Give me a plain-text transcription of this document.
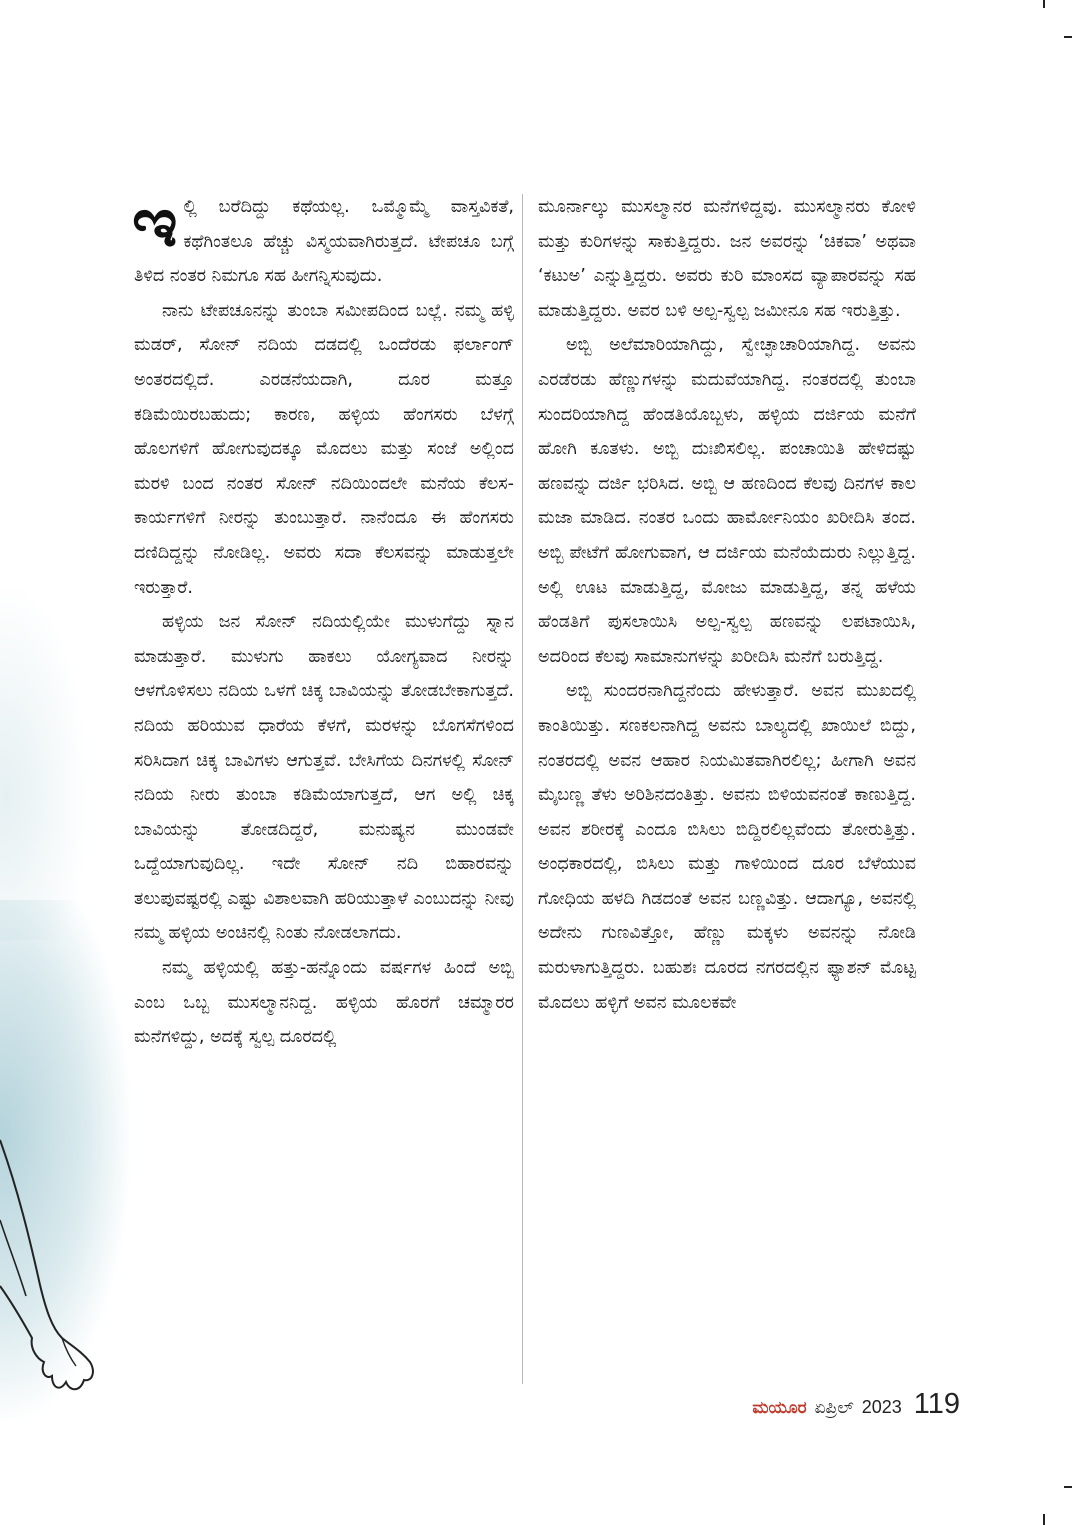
ಇಲ್ಲಿ ಬರೆದಿದ್ದು ಕಥೆಯಲ್ಲ. ಒಮ್ಮೊಮ್ಮೆ ವಾಸ್ತವಿಕತೆ, ಕಥೆಗಿಂತಲೂ ಹೆಚ್ಚು ವಿಸ್ಮಯವಾಗಿರುತ್ತದೆ. ಟೇಪಚೂ ಬಗ್ಗೆ ತಿಳಿದ ನಂತರ ನಿಮಗೂ ಸಹ ಹೀಗನ್ನಿಸುವುದು.

ನಾನು ಟೇಪಚೂನನ್ನು ತುಂಬಾ ಸಮೀಪದಿಂದ ಬಲ್ಲೆ. ನಮ್ಮ ಹಳ್ಳಿ ಮಡರ್, ಸೋನ್ ನದಿಯ ದಡದಲ್ಲಿ ಒಂದೆರಡು ಫರ್ಲಾಂಗ್ ಅಂತರದಲ್ಲಿದೆ. ಎರಡನೆಯದಾಗಿ, ದೂರ ಮತ್ತೂ ಕಡಿಮೆಯಿರಬಹುದು; ಕಾರಣ, ಹಳ್ಳಿಯ ಹೆಂಗಸರು ಬೆಳಗ್ಗೆ ಹೊಲಗಳಿಗೆ ಹೋಗುವುದಕ್ಕೂ ಮೊದಲು ಮತ್ತು ಸಂಜೆ ಅಲ್ಲಿಂದ ಮರಳಿ ಬಂದ ನಂತರ ಸೋನ್ ನದಿಯಿಂದಲೇ ಮನೆಯ ಕೆಲಸ-ಕಾರ್ಯಗಳಿಗೆ ನೀರನ್ನು ತುಂಬುತ್ತಾರೆ. ನಾನೆಂದೂ ಈ ಹೆಂಗಸರು ದಣಿದಿದ್ದನ್ನು ನೋಡಿಲ್ಲ. ಅವರು ಸದಾ ಕೆಲಸವನ್ನು ಮಾಡುತ್ತಲೇ ಇರುತ್ತಾರೆ.

ಹಳ್ಳಿಯ ಜನ ಸೋನ್ ನದಿಯಲ್ಲಿಯೇ ಮುಳುಗೆದ್ದು ಸ್ನಾನ ಮಾಡುತ್ತಾರೆ. ಮುಳುಗು ಹಾಕಲು ಯೋಗ್ಯವಾದ ನೀರನ್ನು ಆಳಗೊಳಿಸಲು ನದಿಯ ಒಳಗೆ ಚಿಕ್ಕ ಬಾವಿಯನ್ನು ತೋಡಬೇಕಾಗುತ್ತದೆ. ನದಿಯ ಹರಿಯುವ ಧಾರೆಯ ಕೆಳಗೆ, ಮರಳನ್ನು ಬೊಗಸೆಗಳಿಂದ ಸರಿಸಿದಾಗ ಚಿಕ್ಕ ಬಾವಿಗಳು ಆಗುತ್ತವೆ. ಬೇಸಿಗೆಯ ದಿನಗಳಲ್ಲಿ ಸೋನ್ ನದಿಯ ನೀರು ತುಂಬಾ ಕಡಿಮೆಯಾಗುತ್ತದೆ, ಆಗ ಅಲ್ಲಿ ಚಿಕ್ಕ ಬಾವಿಯನ್ನು ತೋಡದಿದ್ದರೆ, ಮನುಷ್ಯನ ಮುಂಡವೇ ಒದ್ದೆಯಾಗುವುದಿಲ್ಲ. ಇದೇ ಸೋನ್ ನದಿ ಬಿಹಾರವನ್ನು ತಲುಪುವಷ್ಟರಲ್ಲಿ ಎಷ್ಟು ವಿಶಾಲವಾಗಿ ಹರಿಯುತ್ತಾಳೆ ಎಂಬುದನ್ನು ನೀವು ನಮ್ಮ ಹಳ್ಳಿಯ ಅಂಚಿನಲ್ಲಿ ನಿಂತು ನೋಡಲಾಗದು.

ನಮ್ಮ ಹಳ್ಳಿಯಲ್ಲಿ ಹತ್ತು-ಹನ್ನೊಂದು ವರ್ಷಗಳ ಹಿಂದೆ ಅಬ್ಬಿ ಎಂಬ ಒಬ್ಬ ಮುಸಲ್ಮಾನನಿದ್ದ. ಹಳ್ಳಿಯ ಹೊರಗೆ ಚಮ್ಮಾರರ ಮನೆಗಳಿದ್ದು, ಅದಕ್ಕೆ ಸ್ವಲ್ಪ ದೂರದಲ್ಲಿ

ಮೂರ್ನಾಲ್ಕು ಮುಸಲ್ಮಾನರ ಮನೆಗಳಿದ್ದವು. ಮುಸಲ್ಮಾನರು ಕೋಳಿ ಮತ್ತು ಕುರಿಗಳನ್ನು ಸಾಕುತ್ತಿದ್ದರು. ಜನ ಅವರನ್ನು ‘ಚಿಕವಾ’ ಅಥವಾ ‘ಕಟುಅ’ ಎನ್ನುತ್ತಿದ್ದರು. ಅವರು ಕುರಿ ಮಾಂಸದ ವ್ಯಾಪಾರವನ್ನು ಸಹ ಮಾಡುತ್ತಿದ್ದರು. ಅವರ ಬಳಿ ಅಲ್ಪ-ಸ್ವಲ್ಪ ಜಮೀನೂ ಸಹ ಇರುತ್ತಿತ್ತು.

ಅಬ್ಬಿ ಅಲೆಮಾರಿಯಾಗಿದ್ದು, ಸ್ವೇಚ್ಛಾಚಾರಿಯಾಗಿದ್ದ. ಅವನು ಎರಡೆರಡು ಹೆಣ್ಣುಗಳನ್ನು ಮದುವೆಯಾಗಿದ್ದ. ನಂತರದಲ್ಲಿ ತುಂಬಾ ಸುಂದರಿಯಾಗಿದ್ದ ಹೆಂಡತಿಯೊಬ್ಬಳು, ಹಳ್ಳಿಯ ದರ್ಜಿಯ ಮನೆಗೆ ಹೋಗಿ ಕೂತಳು. ಅಬ್ಬಿ ದುಃಖಿಸಲಿಲ್ಲ. ಪಂಚಾಯಿತಿ ಹೇಳಿದಷ್ಟು ಹಣವನ್ನು ದರ್ಜಿ ಭರಿಸಿದ. ಅಬ್ಬಿ ಆ ಹಣದಿಂದ ಕೆಲವು ದಿನಗಳ ಕಾಲ ಮಜಾ ಮಾಡಿದ. ನಂತರ ಒಂದು ಹಾರ್ಮೋನಿಯಂ ಖರೀದಿಸಿ ತಂದ. ಅಬ್ಬಿ ಪೇಟೆಗೆ ಹೋಗುವಾಗ, ಆ ದರ್ಜಿಯ ಮನೆಯೆದುರು ನಿಲ್ಲುತ್ತಿದ್ದ. ಅಲ್ಲಿ ಊಟ ಮಾಡುತ್ತಿದ್ದ, ಮೋಜು ಮಾಡುತ್ತಿದ್ದ, ತನ್ನ ಹಳೆಯ ಹೆಂಡತಿಗೆ ಪುಸಲಾಯಿಸಿ ಅಲ್ಪ-ಸ್ವಲ್ಪ ಹಣವನ್ನು ಲಪಟಾಯಿಸಿ, ಅದರಿಂದ ಕೆಲವು ಸಾಮಾನುಗಳನ್ನು ಖರೀದಿಸಿ ಮನೆಗೆ ಬರುತ್ತಿದ್ದ.

ಅಬ್ಬಿ ಸುಂದರನಾಗಿದ್ದನೆಂದು ಹೇಳುತ್ತಾರೆ. ಅವನ ಮುಖದಲ್ಲಿ ಕಾಂತಿಯಿತ್ತು. ಸಣಕಲನಾಗಿದ್ದ ಅವನು ಬಾಲ್ಯದಲ್ಲಿ ಖಾಯಿಲೆ ಬಿದ್ದು, ನಂತರದಲ್ಲಿ ಅವನ ಆಹಾರ ನಿಯಮಿತವಾಗಿರಲಿಲ್ಲ; ಹೀಗಾಗಿ ಅವನ ಮೈಬಣ್ಣ ತೆಳು ಅರಿಶಿನದಂತಿತ್ತು. ಅವನು ಬಿಳಿಯವನಂತೆ ಕಾಣುತ್ತಿದ್ದ. ಅವನ ಶರೀರಕ್ಕೆ ಎಂದೂ ಬಿಸಿಲು ಬಿದ್ದಿರಲಿಲ್ಲವೆಂದು ತೋರುತ್ತಿತ್ತು. ಅಂಧಕಾರದಲ್ಲಿ, ಬಿಸಿಲು ಮತ್ತು ಗಾಳಿಯಿಂದ ದೂರ ಬೆಳೆಯುವ ಗೋಧಿಯ ಹಳದಿ ಗಿಡದಂತೆ ಅವನ ಬಣ್ಣವಿತ್ತು. ಆದಾಗ್ಯೂ, ಅವನಲ್ಲಿ ಅದೇನು ಗುಣವಿತ್ತೋ, ಹೆಣ್ಣು ಮಕ್ಕಳು ಅವನನ್ನು ನೋಡಿ ಮರುಳಾಗುತ್ತಿದ್ದರು. ಬಹುಶಃ ದೂರದ ನಗರದಲ್ಲಿನ ಫ್ಯಾಶನ್ ಮೊಟ್ಟ ಮೊದಲು ಹಳ್ಳಿಗೆ ಅವನ ಮೂಲಕವೇ

ಮಯೂರ ಏಪ್ರಿಲ್ 2023 119
